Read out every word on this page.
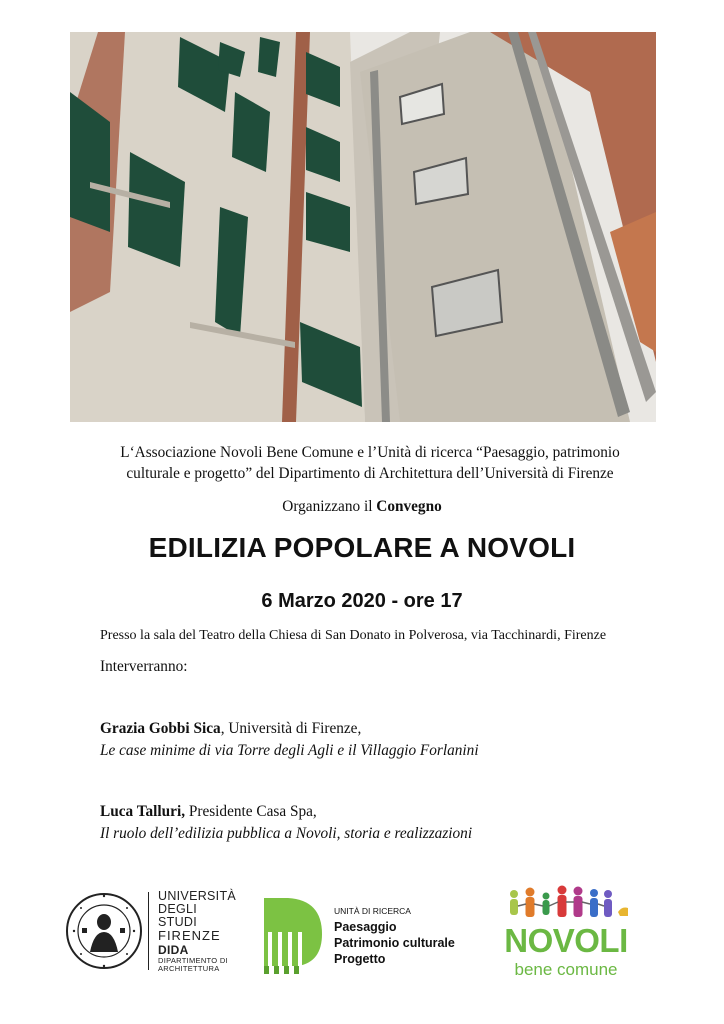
L‘Associazione Novoli Bene Comune e l’Unità di ricerca “Paesaggio, patrimonio
culturale e progetto” del Dipartimento di Architettura dell’Università di Firenze
Organizzano il Convegno
EDILIZIA POPOLARE A NOVOLI
6 Marzo 2020 - ore 17
Presso la sala del Teatro della Chiesa di San Donato in Polverosa, via Tacchinardi, Firenze
Interverranno:
Grazia Gobbi Sica, Università di Firenze,
Le case minime di via Torre degli Agli e il Villaggio Forlanini
Luca Talluri, Presidente Casa Spa,
Il ruolo dell’edilizia pubblica a Novoli, storia e realizzazioni
UNIVERSITÀ
DEGLI STUDI
FIRENZE
DIDA
DIPARTIMENTO DI
ARCHITETTURA
UNITÀ DI RICERCA
Paesaggio
Patrimonio culturale
Progetto	NOVOLI
bene comune
